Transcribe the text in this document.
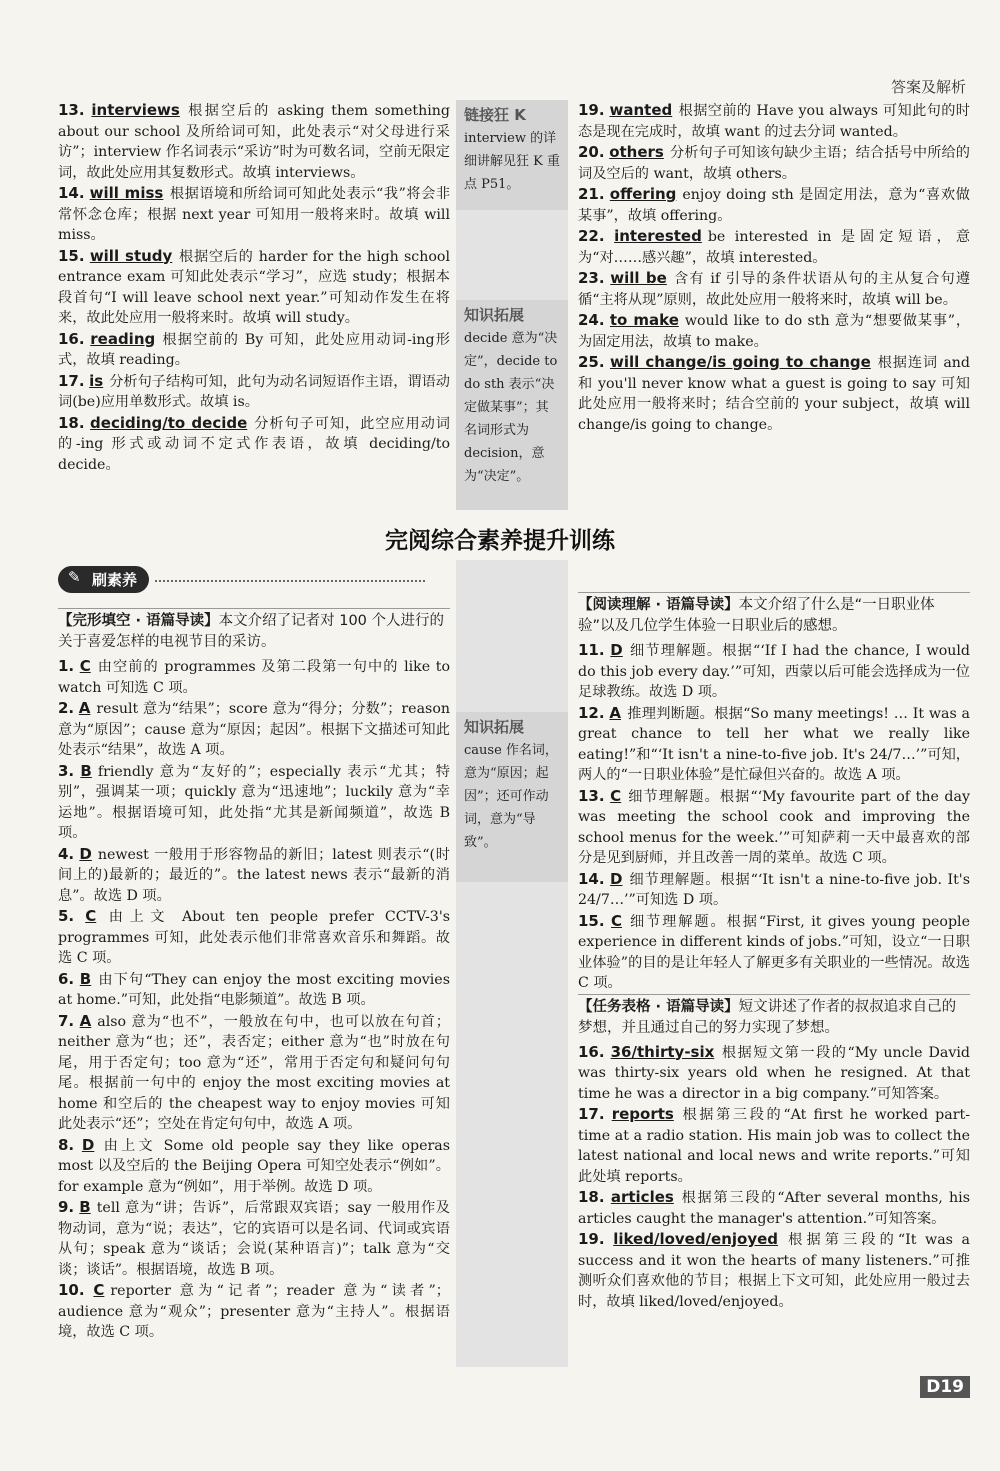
答案及解析
链接狂 K
interview 的详细讲解见狂 K 重点 P51。
知识拓展
decide 意为“决定”，decide to do sth 表示“决定做某事”；其名词形式为 decision，意为“决定”。
知识拓展
cause 作名词，意为“原因；起因”；还可作动词，意为“导致”。
13. interviews 根据空后的 asking them something about our school 及所给词可知，此处表示“对父母进行采访”；interview 作名词表示“采访”时为可数名词，空前无限定词，故此处应用其复数形式。故填 interviews。
14. will miss 根据语境和所给词可知此处表示“我”将会非常怀念仓库；根据 next year 可知用一般将来时。故填 will miss。
15. will study 根据空后的 harder for the high school entrance exam 可知此处表示“学习”，应选 study；根据本段首句“I will leave school next year.”可知动作发生在将来，故此处应用一般将来时。故填 will study。
16. reading 根据空前的 By 可知，此处应用动词-ing形式，故填 reading。
17. is 分析句子结构可知，此句为动名词短语作主语，谓语动词(be)应用单数形式。故填 is。
18. deciding/to decide 分析句子可知，此空应用动词的-ing 形式或动词不定式作表语，故填 deciding/to decide。
19. wanted 根据空前的 Have you always 可知此句的时态是现在完成时，故填 want 的过去分词 wanted。
20. others 分析句子可知该句缺少主语；结合括号中所给的词及空后的 want，故填 others。
21. offering enjoy doing sth 是固定用法，意为“喜欢做某事”，故填 offering。
22. interested be interested in 是固定短语，意为“对……感兴趣”，故填 interested。
23. will be 含有 if 引导的条件状语从句的主从复合句遵循“主将从现”原则，故此处应用一般将来时，故填 will be。
24. to make would like to do sth 意为“想要做某事”，为固定用法，故填 to make。
25. will change/is going to change 根据连词 and 和 you'll never know what a guest is going to say 可知此处应用一般将来时；结合空前的 your subject，故填 will change/is going to change。
完阅综合素养提升训练
✎ 刷素养
【完形填空 · 语篇导读】本文介绍了记者对 100 个人进行的关于喜爱怎样的电视节目的采访。
1. C 由空前的 programmes 及第二段第一句中的 like to watch 可知选 C 项。
2. A result 意为“结果”；score 意为“得分；分数”；reason 意为“原因”；cause 意为“原因；起因”。根据下文描述可知此处表示“结果”，故选 A 项。
3. B friendly 意为“友好的”；especially 表示“尤其；特别”，强调某一项；quickly 意为“迅速地”；luckily 意为“幸运地”。根据语境可知，此处指“尤其是新闻频道”，故选 B 项。
4. D newest 一般用于形容物品的新旧；latest 则表示“(时间上的)最新的；最近的”。the latest news 表示“最新的消息”。故选 D 项。
5. C 由上文 About ten people prefer CCTV-3's programmes 可知，此处表示他们非常喜欢音乐和舞蹈。故选 C 项。
6. B 由下句“They can enjoy the most exciting movies at home.”可知，此处指“电影频道”。故选 B 项。
7. A also 意为“也不”，一般放在句中，也可以放在句首；neither 意为“也；还”，表否定；either 意为“也”时放在句尾，用于否定句；too 意为“还”，常用于否定句和疑问句句尾。根据前一句中的 enjoy the most exciting movies at home 和空后的 the cheapest way to enjoy movies 可知此处表示“还”；空处在肯定句句中，故选 A 项。
8. D 由上文 Some old people say they like operas most 以及空后的 the Beijing Opera 可知空处表示“例如”。for example 意为“例如”，用于举例。故选 D 项。
9. B tell 意为“讲；告诉”，后常跟双宾语；say 一般用作及物动词，意为“说；表达”，它的宾语可以是名词、代词或宾语从句；speak 意为“谈话；会说(某种语言)”；talk 意为“交谈；谈话”。根据语境，故选 B 项。
10. C reporter 意为“记者”；reader 意为“读者”；audience 意为“观众”；presenter 意为“主持人”。根据语境，故选 C 项。
【阅读理解 · 语篇导读】本文介绍了什么是“一日职业体验”以及几位学生体验一日职业后的感想。
11. D 细节理解题。根据“‘If I had the chance, I would do this job every day.’”可知，西蒙以后可能会选择成为一位足球教练。故选 D 项。
12. A 推理判断题。根据“So many meetings! … It was a great chance to tell her what we really like eating!”和“‘It isn't a nine-to-five job. It's 24/7…’”可知，两人的“一日职业体验”是忙碌但兴奋的。故选 A 项。
13. C 细节理解题。根据“‘My favourite part of the day was meeting the school cook and improving the school menus for the week.’”可知萨莉一天中最喜欢的部分是见到厨师，并且改善一周的菜单。故选 C 项。
14. D 细节理解题。根据“‘It isn't a nine-to-five job. It's 24/7…’”可知选 D 项。
15. C 细节理解题。根据“First, it gives young people experience in different kinds of jobs.”可知，设立“一日职业体验”的目的是让年轻人了解更多有关职业的一些情况。故选 C 项。
【任务表格 · 语篇导读】短文讲述了作者的叔叔追求自己的梦想，并且通过自己的努力实现了梦想。
16. 36/thirty-six 根据短文第一段的“My uncle David was thirty-six years old when he resigned. At that time he was a director in a big company.”可知答案。
17. reports 根据第三段的“At first he worked part-time at a radio station. His main job was to collect the latest national and local news and write reports.”可知此处填 reports。
18. articles 根据第三段的“After several months, his articles caught the manager's attention.”可知答案。
19. liked/loved/enjoyed 根据第三段的“It was a success and it won the hearts of many listeners.”可推测听众们喜欢他的节目；根据上下文可知，此处应用一般过去时，故填 liked/loved/enjoyed。
D19
